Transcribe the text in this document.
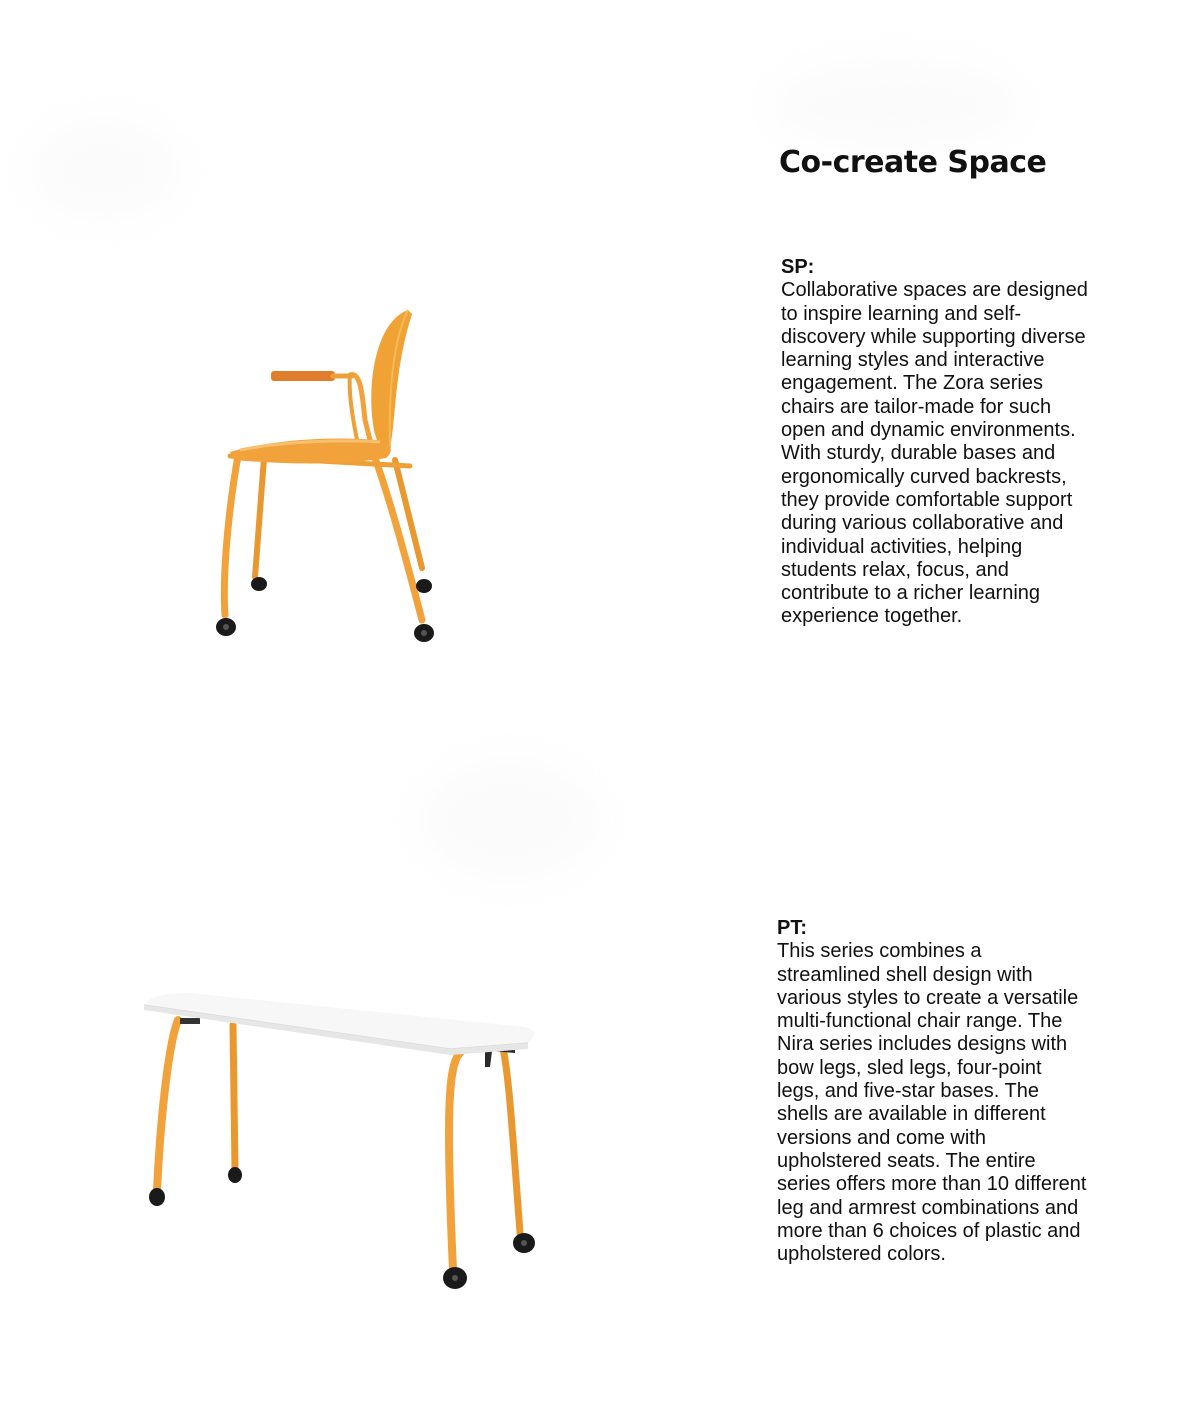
Co-create Space
SP:
Collaborative spaces are designed to inspire learning and self-discovery while supporting diverse learning styles and interactive engagement. The Zora series chairs are tailor-made for such open and dynamic environments. With sturdy, durable bases and ergonomically curved backrests, they provide comfortable support during various collaborative and individual activities, helping students relax, focus, and contribute to a richer learning experience together.
PT:
This series combines a streamlined shell design with various styles to create a versatile multi-functional chair range. The Nira series includes designs with bow legs, sled legs, four-point legs, and five-star bases. The shells are available in different versions and come with upholstered seats. The entire series offers more than 10 different leg and armrest combinations and more than 6 choices of plastic and upholstered colors.
